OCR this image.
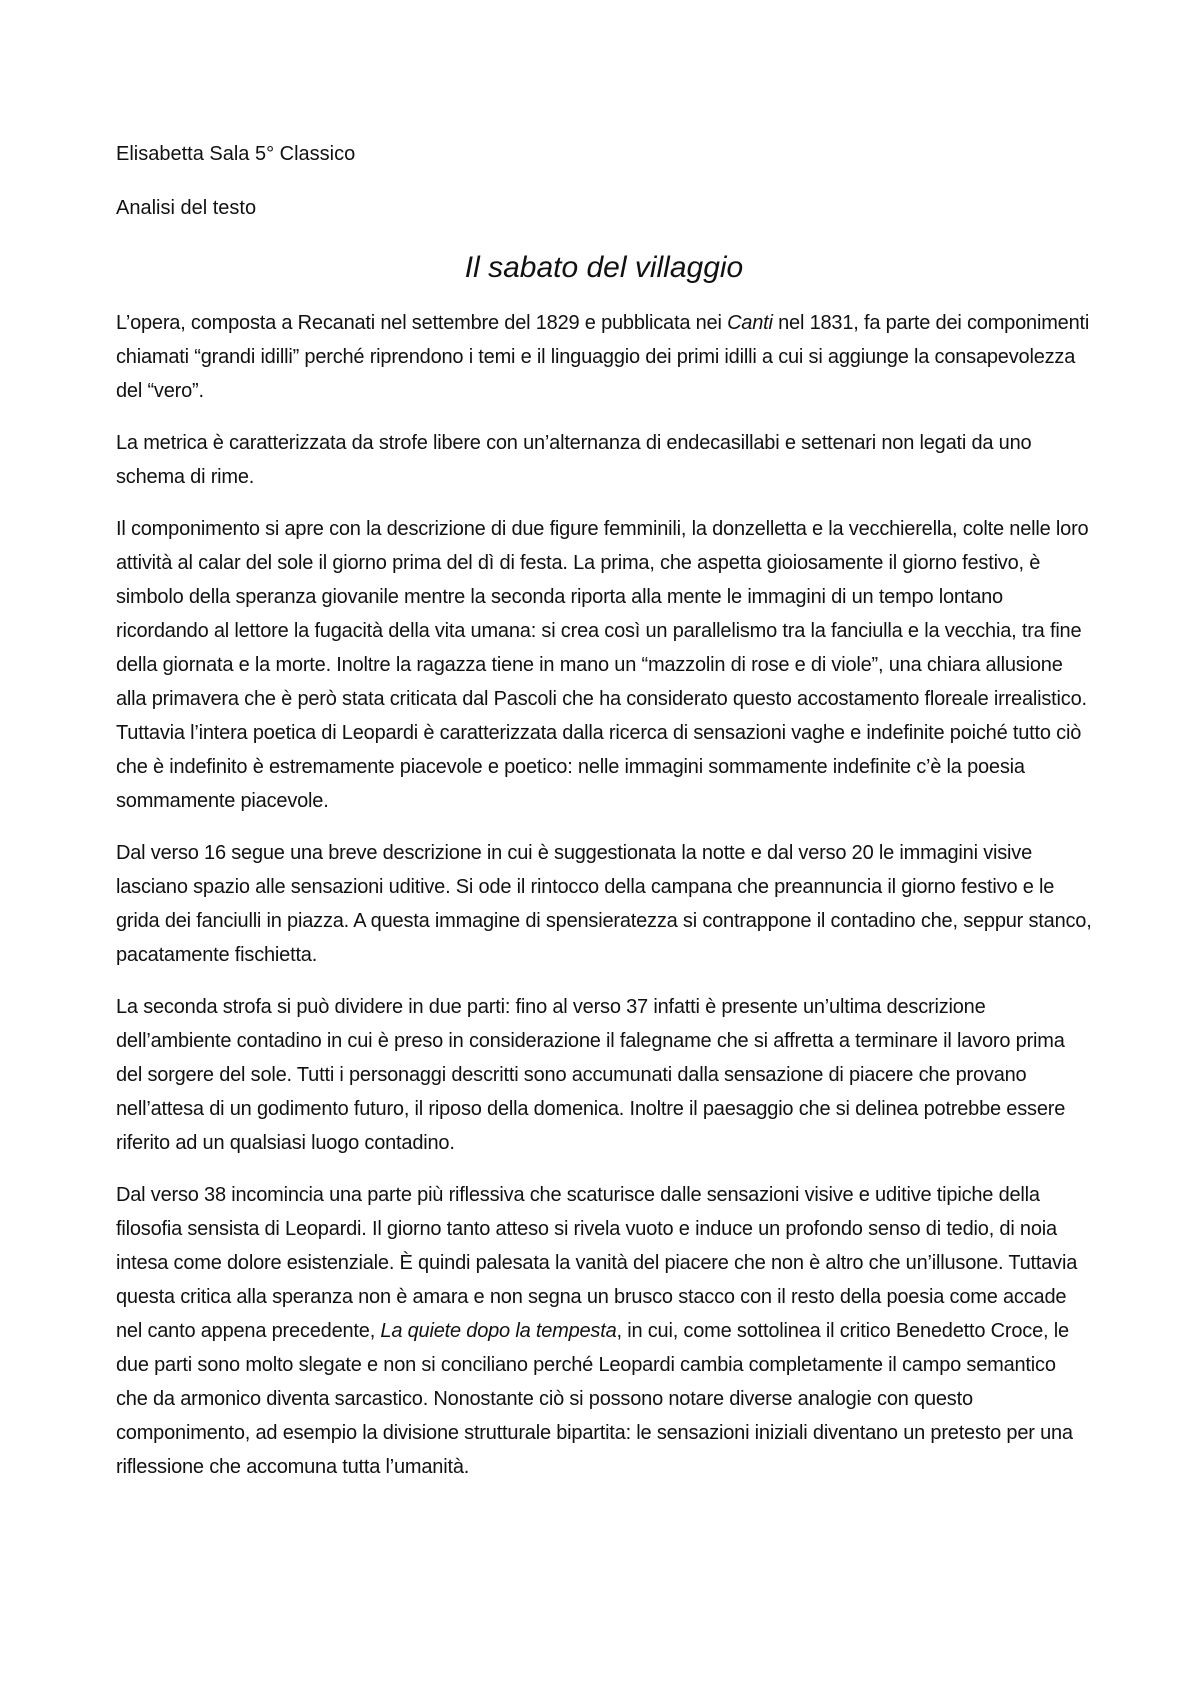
Elisabetta Sala 5° Classico

Analisi del testo

Il sabato del villaggio

L’opera, composta a Recanati nel settembre del 1829 e pubblicata nei Canti nel 1831, fa parte dei componimenti chiamati “grandi idilli” perché riprendono i temi e il linguaggio dei primi idilli a cui si aggiunge la consapevolezza del “vero”.

La metrica è caratterizzata da strofe libere con un’alternanza di endecasillabi e settenari non legati da uno schema di rime.

Il componimento si apre con la descrizione di due figure femminili, la donzelletta e la vecchierella, colte nelle loro attività al calar del sole il giorno prima del dì di festa. La prima, che aspetta gioiosamente il giorno festivo, è simbolo della speranza giovanile mentre la seconda riporta alla mente le immagini di un tempo lontano ricordando al lettore la fugacità della vita umana: si crea così un parallelismo tra la fanciulla e la vecchia, tra fine della giornata e la morte. Inoltre la ragazza tiene in mano un “mazzolin di rose e di viole”, una chiara allusione alla primavera che è però stata criticata dal Pascoli che ha considerato questo accostamento floreale irrealistico. Tuttavia l’intera poetica di Leopardi è caratterizzata dalla ricerca di sensazioni vaghe e indefinite poiché tutto ciò che è indefinito è estremamente piacevole e poetico: nelle immagini sommamente indefinite c’è la poesia sommamente piacevole.

Dal verso 16 segue una breve descrizione in cui è suggestionata la notte e dal verso 20 le immagini visive lasciano spazio alle sensazioni uditive. Si ode il rintocco della campana che preannuncia il giorno festivo e le grida dei fanciulli in piazza. A questa immagine di spensieratezza si contrappone il contadino che, seppur stanco, pacatamente fischietta.

La seconda strofa si può dividere in due parti: fino al verso 37 infatti è presente un’ultima descrizione dell’ambiente contadino in cui è preso in considerazione il falegname che si affretta a terminare il lavoro prima del sorgere del sole. Tutti i personaggi descritti sono accumunati dalla sensazione di piacere che provano nell’attesa di un godimento futuro, il riposo della domenica. Inoltre il paesaggio che si delinea potrebbe essere riferito ad un qualsiasi luogo contadino.

Dal verso 38 incomincia una parte più riflessiva che scaturisce dalle sensazioni visive e uditive tipiche della filosofia sensista di Leopardi. Il giorno tanto atteso si rivela vuoto e induce un profondo senso di tedio, di noia intesa come dolore esistenziale. È quindi palesata la vanità del piacere che non è altro che un’illusone. Tuttavia questa critica alla speranza non è amara e non segna un brusco stacco con il resto della poesia come accade nel canto appena precedente, La quiete dopo la tempesta, in cui, come sottolinea il critico Benedetto Croce, le due parti sono molto slegate e non si conciliano perché Leopardi cambia completamente il campo semantico che da armonico diventa sarcastico. Nonostante ciò si possono notare diverse analogie con questo componimento, ad esempio la divisione strutturale bipartita: le sensazioni iniziali diventano un pretesto per una riflessione che accomuna tutta l’umanità.
